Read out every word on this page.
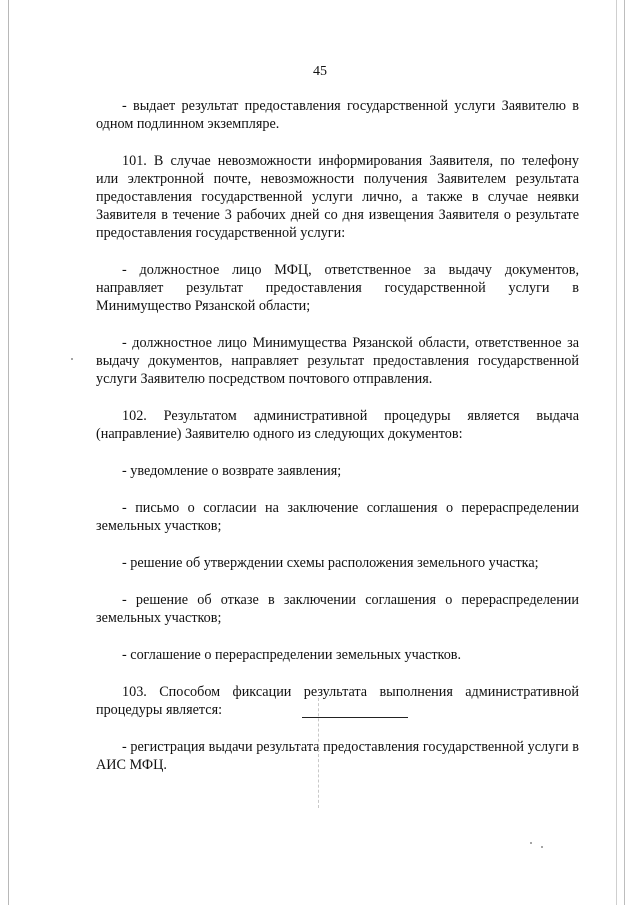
45

- выдает результат предоставления государственной услуги Заявителю в одном подлинном экземпляре.

101. В случае невозможности информирования Заявителя, по телефону или электронной почте, невозможности получения Заявителем результата предоставления государственной услуги лично, а также в случае неявки Заявителя в течение 3 рабочих дней со дня извещения Заявителя о результате предоставления государственной услуги:

- должностное лицо МФЦ, ответственное за выдачу документов, направляет результат предоставления государственной услуги в Минимущество Рязанской области;

- должностное лицо Минимущества Рязанской области, ответственное за выдачу документов, направляет результат предоставления государственной услуги Заявителю посредством почтового отправления.

102. Результатом административной процедуры является выдача (направление) Заявителю одного из следующих документов:

- уведомление о возврате заявления;

- письмо о согласии на заключение соглашения о перераспределении земельных участков;

- решение об утверждении схемы расположения земельного участка;

- решение об отказе в заключении соглашения о перераспределении земельных участков;

- соглашение о перераспределении земельных участков.

103. Способом фиксации результата выполнения административной процедуры является:

- регистрация выдачи результата предоставления государственной услуги в АИС МФЦ.
